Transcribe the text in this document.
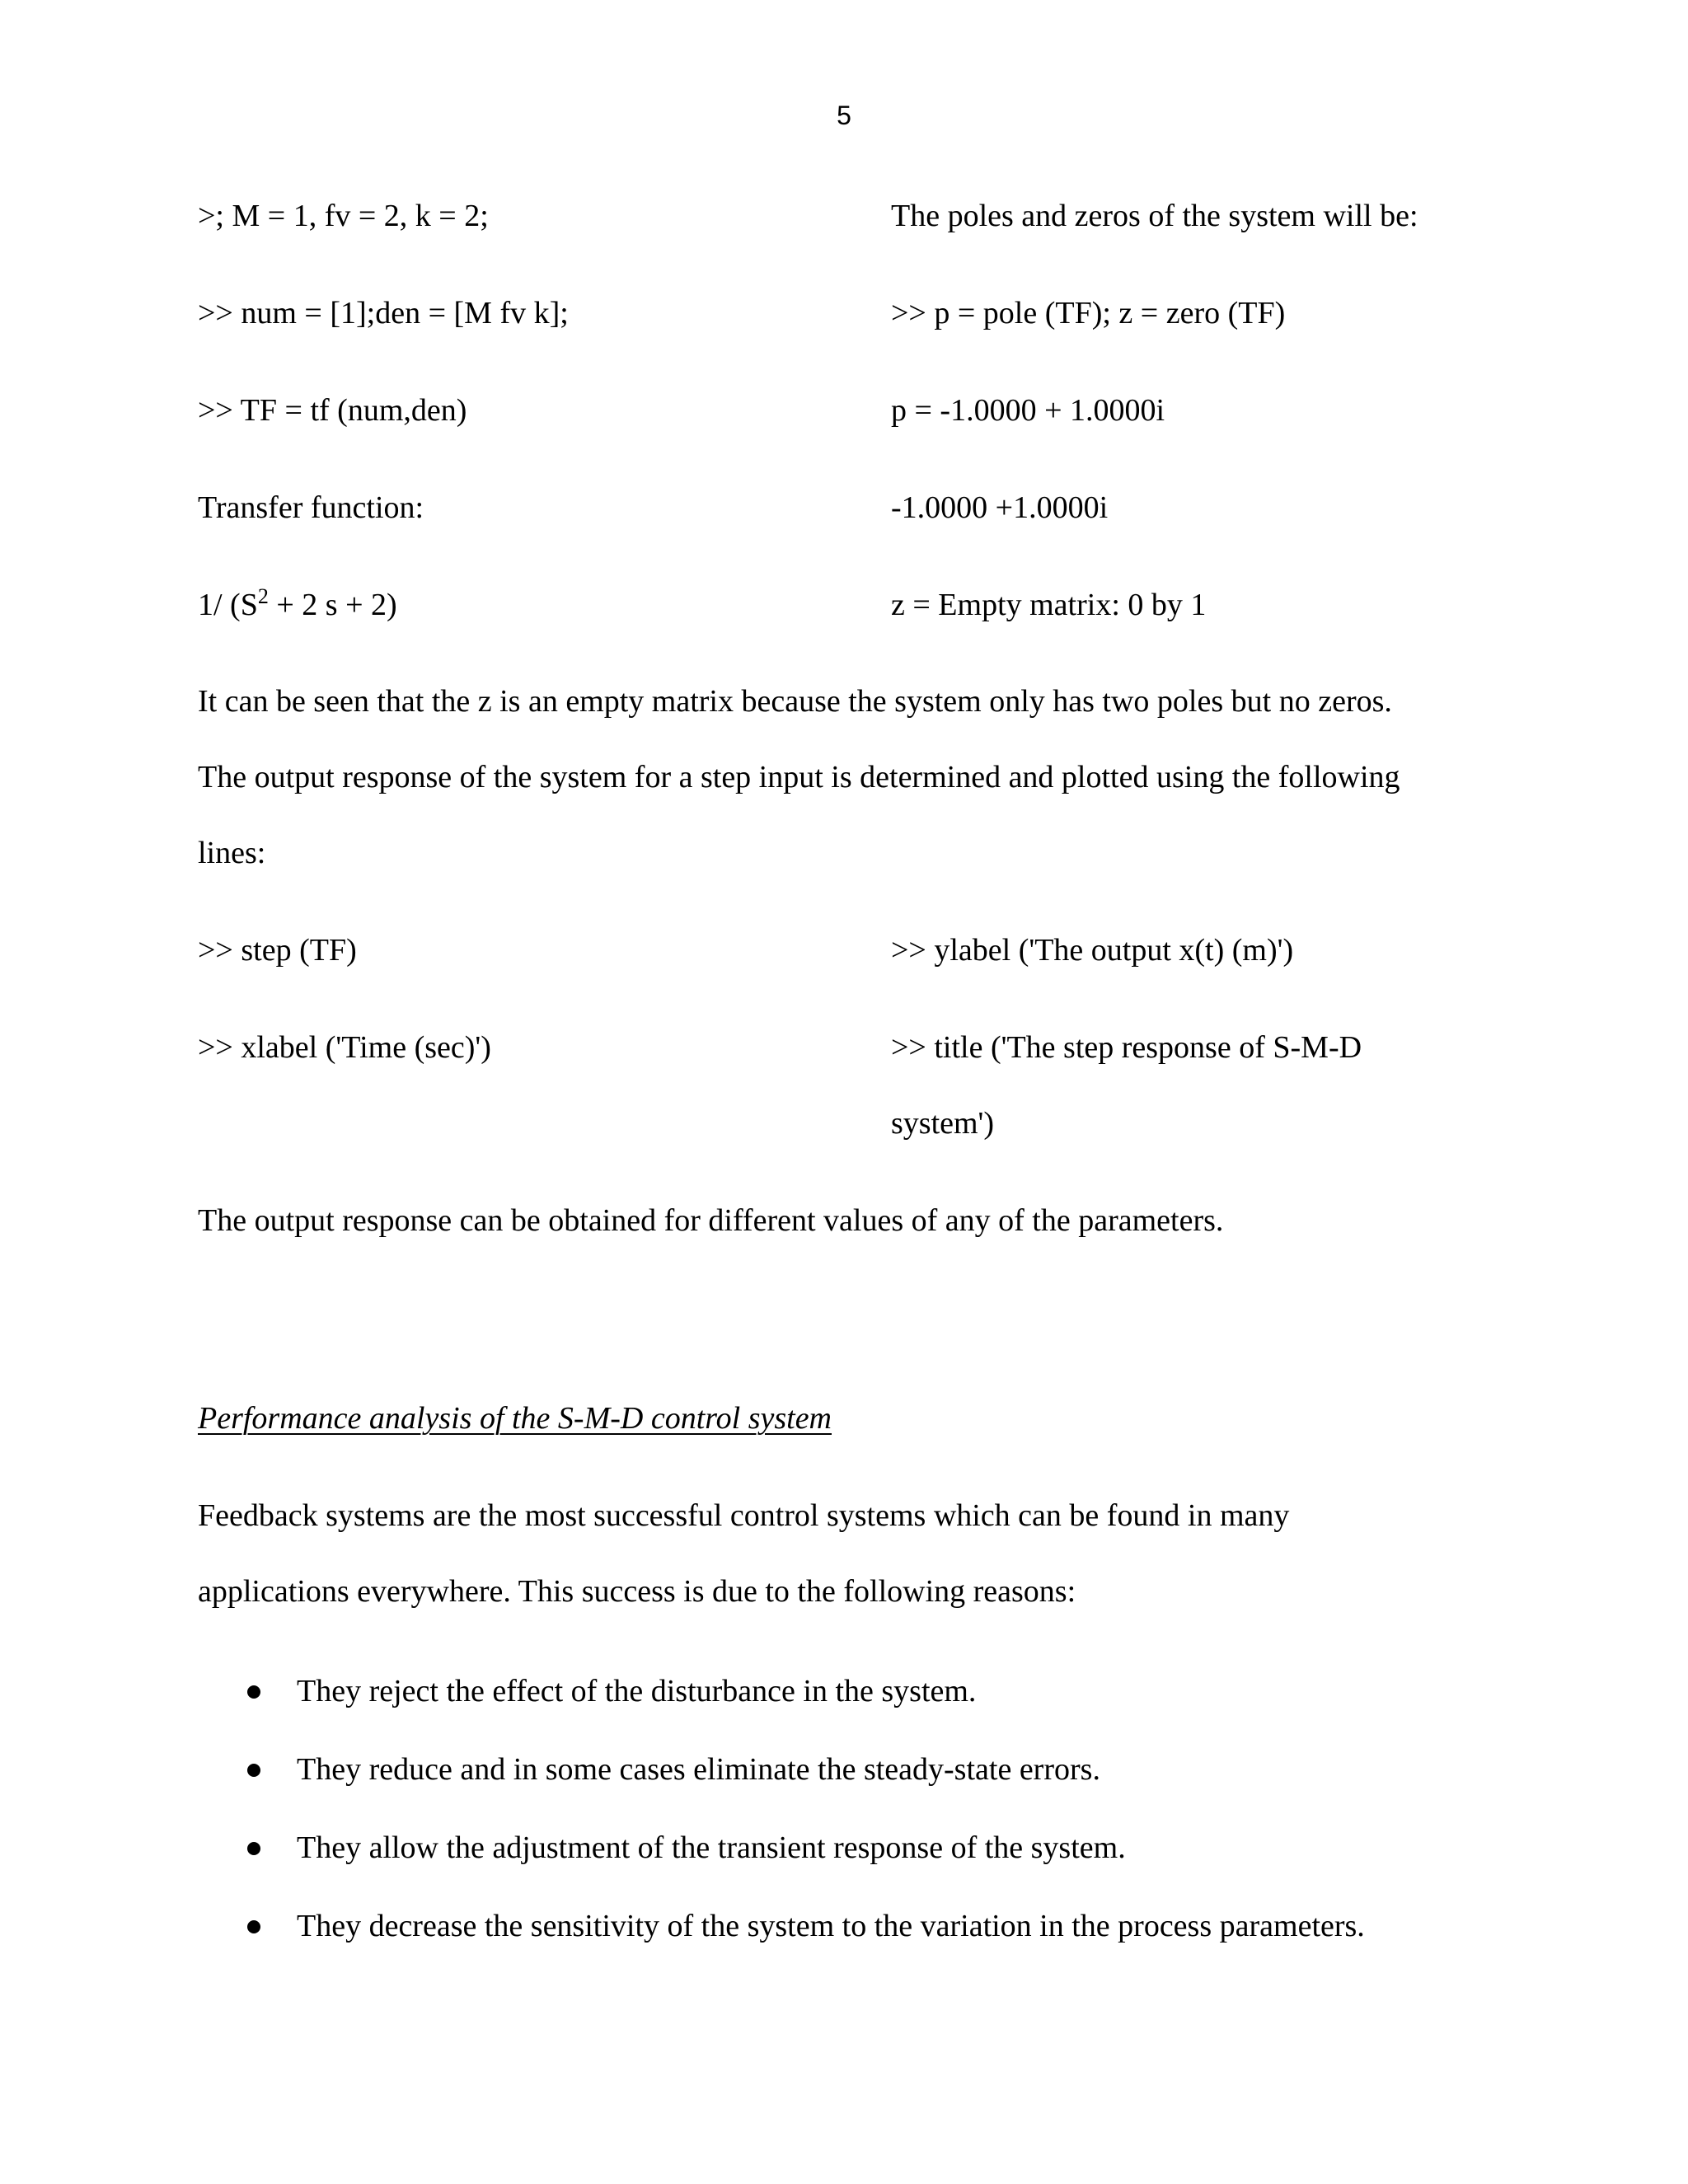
5
>; M = 1, fv = 2, k = 2;
>> num = [1];den = [M fv k];
>> TF = tf (num,den)
Transfer function:
1/ ($S^2 + 2$ s + 2)
The poles and zeros of the system will be:
>> p = pole (TF); z = zero (TF)
p = -1.0000 + 1.0000i
-1.0000 +1.0000i
z = Empty matrix: 0 by 1
It can be seen that the z is an empty matrix because the system only has two poles but no zeros.
The output response of the system for a step input is determined and plotted using the following
lines:
>> step (TF)
>> xlabel ('Time (sec)')
>> ylabel ('The output x(t) (m)')
>> title ('The step response of S-M-D
system')
The output response can be obtained for different values of any of the parameters.
Performance analysis of the S-M-D control system
Feedback systems are the most successful control systems which can be found in many
applications everywhere. This success is due to the following reasons:
They reject the effect of the disturbance in the system.
They reduce and in some cases eliminate the steady-state errors.
They allow the adjustment of the transient response of the system.
They decrease the sensitivity of the system to the variation in the process parameters.
